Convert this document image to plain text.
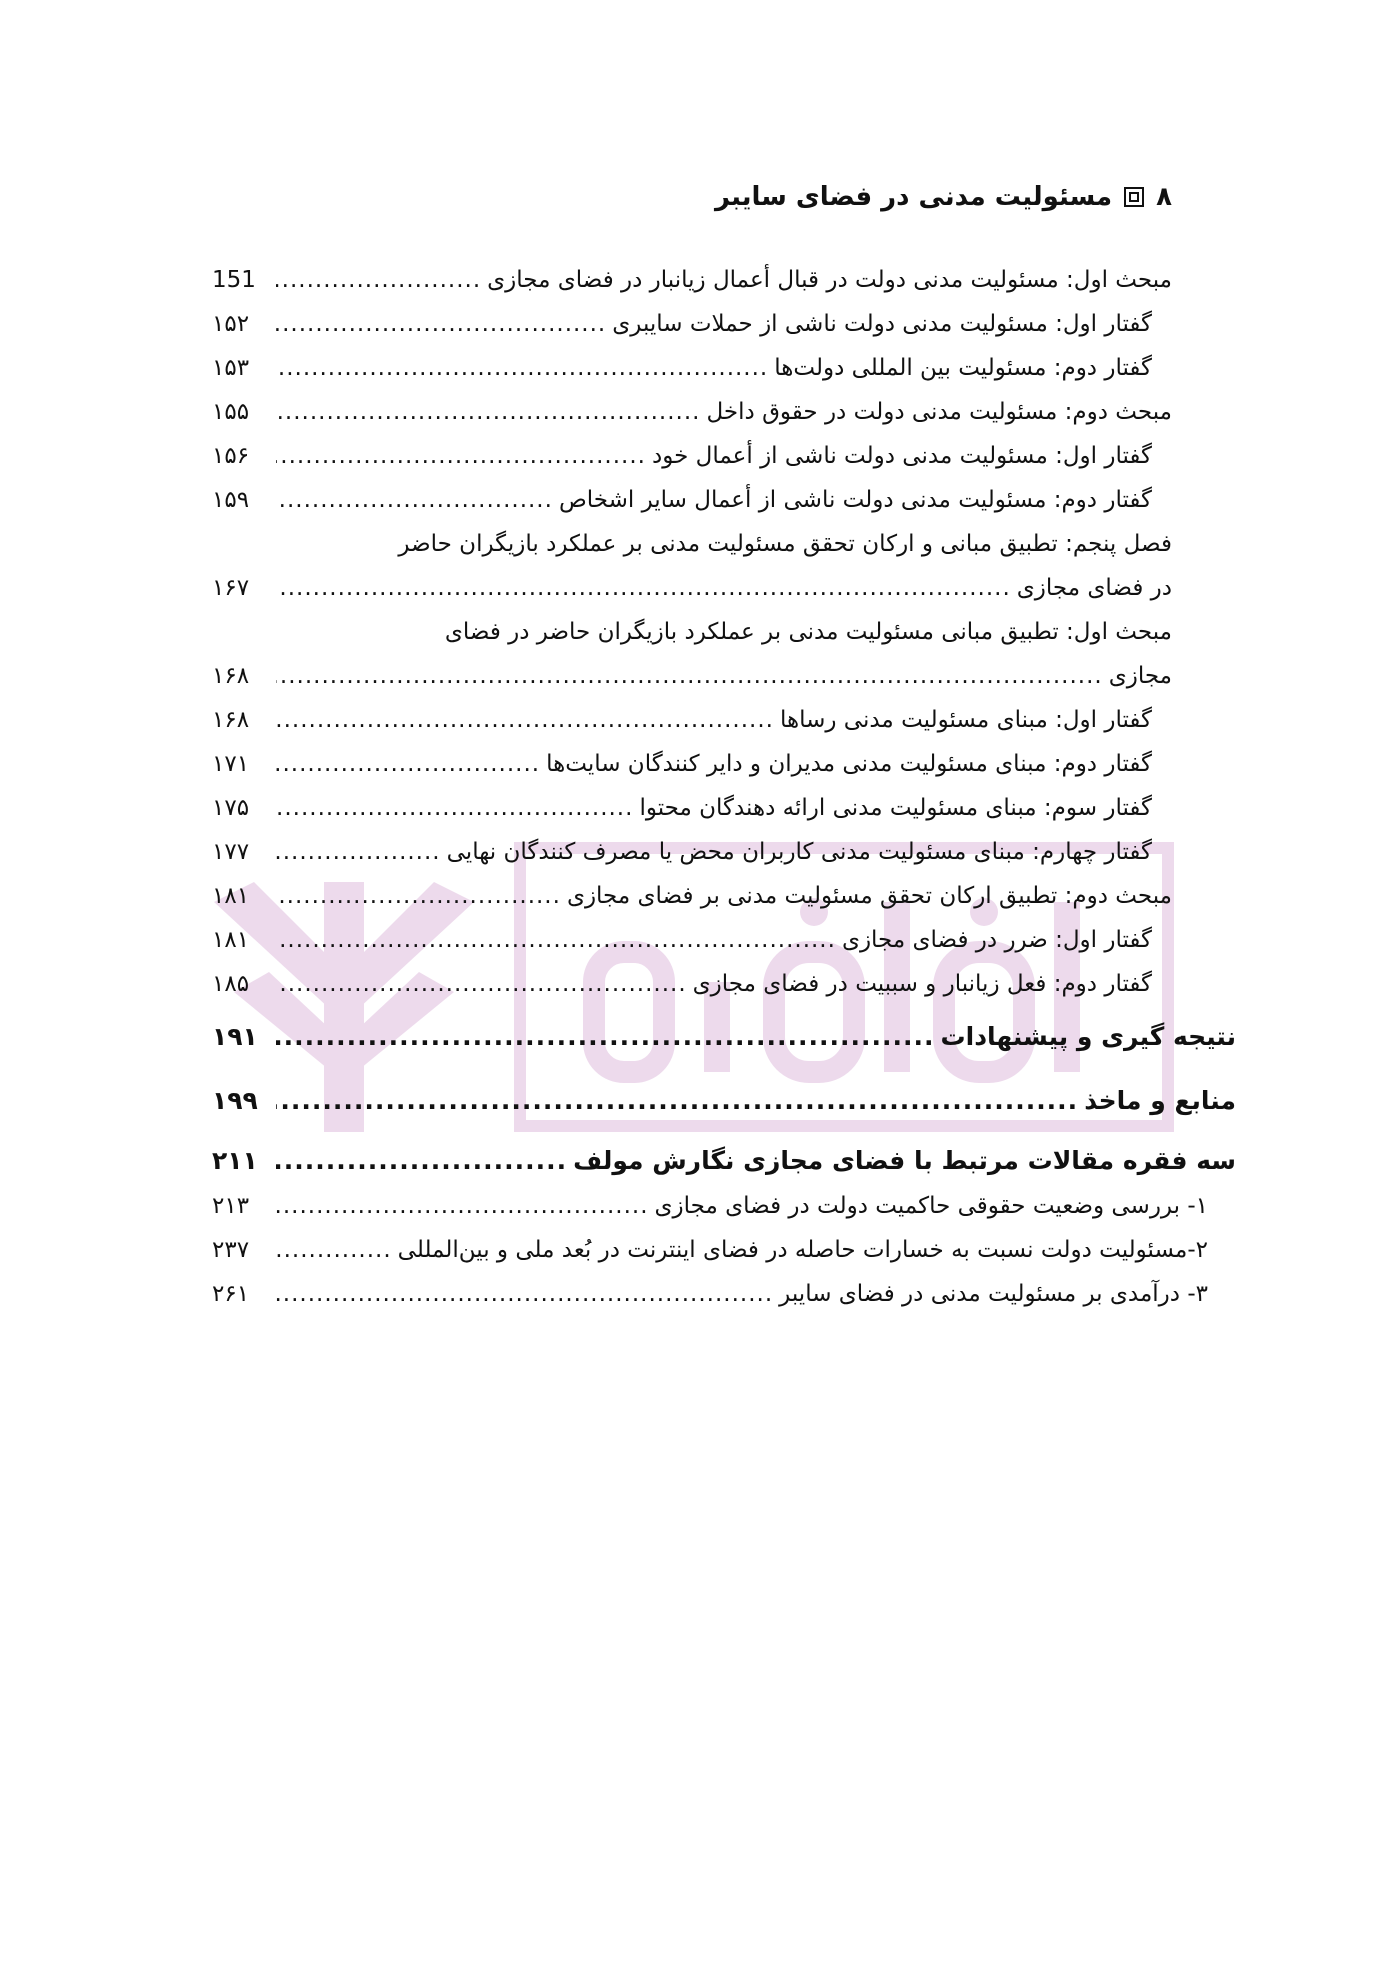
۸
مسئولیت مدنی در فضای سایبر
مبحث اول: مسئولیت مدنی دولت در قبال أعمال زیانبار در فضای مجازی
.....
151
گفتار اول: مسئولیت مدنی دولت ناشی از حملات سایبری
.....
۱۵۲
گفتار دوم: مسئولیت بین المللی دولت‌ها
.....
۱۵۳
مبحث دوم: مسئولیت مدنی دولت در حقوق داخل
.....
۱۵۵
گفتار اول: مسئولیت مدنی دولت ناشی از أعمال خود
.....
۱۵۶
گفتار دوم: مسئولیت مدنی دولت ناشی از أعمال سایر اشخاص
.....
۱۵۹
فصل پنجم: تطبیق مبانی و ارکان تحقق مسئولیت مدنی بر عملکرد بازیگران حاضر
در فضای مجازی
.....
۱۶۷
مبحث اول: تطبیق مبانی مسئولیت مدنی بر عملکرد بازیگران حاضر در فضای
مجازی
.....
۱۶۸
گفتار اول: مبنای مسئولیت مدنی رساها
.....
۱۶۸
گفتار دوم: مبنای مسئولیت مدنی مدیران و دایر کنندگان سایت‌ها
.....
۱۷۱
گفتار سوم: مبنای مسئولیت مدنی ارائه دهندگان محتوا
.....
۱۷۵
گفتار چهارم: مبنای مسئولیت مدنی کاربران محض یا مصرف کنندگان نهایی
.....
۱۷۷
مبحث دوم: تطبیق ارکان تحقق مسئولیت مدنی بر فضای مجازی
.....
۱۸۱
گفتار اول: ضرر در فضای مجازی
.....
۱۸۱
گفتار دوم: فعل زیانبار و سببیت در فضای مجازی
.....
۱۸۵
نتیجه گیری و پیشنهادات
.....
۱۹۱
منابع و ماخذ
.....
۱۹۹
سه فقره مقالات مرتبط با فضای مجازی نگارش مولف
.....
۲۱۱
۱- بررسی وضعیت حقوقی حاکمیت دولت در فضای مجازی
.....
۲۱۳
۲-مسئولیت دولت نسبت به خسارات حاصله در فضای اینترنت در بُعد ملی و بین‌المللی
.....
۲۳۷
۳- درآمدی بر مسئولیت مدنی در فضای سایبر
.....
۲۶۱
